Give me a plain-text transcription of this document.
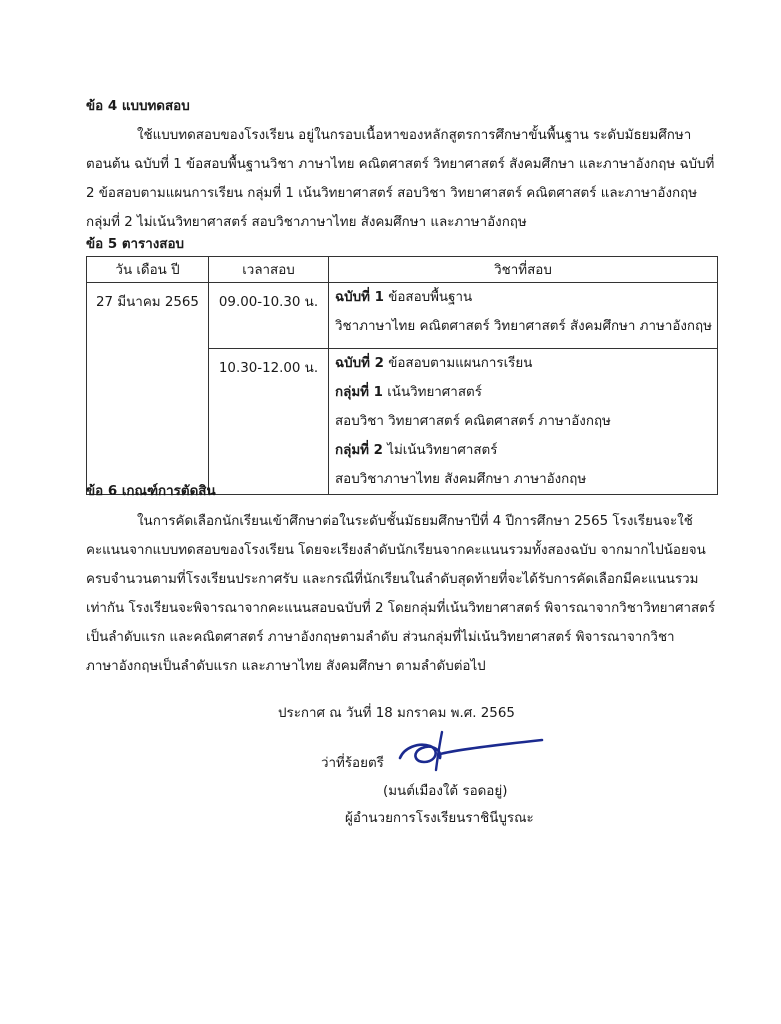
ข้อ 4 แบบทดสอบ
ใช้แบบทดสอบของโรงเรียน อยู่ในกรอบเนื้อหาของหลักสูตรการศึกษาขั้นพื้นฐาน ระดับมัธยมศึกษา
ตอนต้น ฉบับที่ 1 ข้อสอบพื้นฐานวิชา ภาษาไทย คณิตศาสตร์ วิทยาศาสตร์ สังคมศึกษา และภาษาอังกฤษ ฉบับที่
2 ข้อสอบตามแผนการเรียน กลุ่มที่ 1 เน้นวิทยาศาสตร์ สอบวิชา วิทยาศาสตร์ คณิตศาสตร์ และภาษาอังกฤษ
กลุ่มที่ 2 ไม่เน้นวิทยาศาสตร์ สอบวิชาภาษาไทย สังคมศึกษา และภาษาอังกฤษ
ข้อ 5 ตารางสอบ
วัน เดือน ปี	เวลาสอบ	วิชาที่สอบ
27 มีนาคม 2565	09.00-10.30 น.	ฉบับที่ 1 ข้อสอบพื้นฐาน
วิชาภาษาไทย คณิตศาสตร์ วิทยาศาสตร์ สังคมศึกษา ภาษาอังกฤษ

	10.30-12.00 น.	ฉบับที่ 2 ข้อสอบตามแผนการเรียน
กลุ่มที่ 1 เน้นวิทยาศาสตร์
สอบวิชา วิทยาศาสตร์ คณิตศาสตร์ ภาษาอังกฤษ
กลุ่มที่ 2 ไม่เน้นวิทยาศาสตร์
สอบวิชาภาษาไทย สังคมศึกษา ภาษาอังกฤษ
ข้อ 6 เกณฑ์การตัดสิน
ในการคัดเลือกนักเรียนเข้าศึกษาต่อในระดับชั้นมัธยมศึกษาปีที่ 4 ปีการศึกษา 2565 โรงเรียนจะใช้
คะแนนจากแบบทดสอบของโรงเรียน โดยจะเรียงลำดับนักเรียนจากคะแนนรวมทั้งสองฉบับ จากมากไปน้อยจน
ครบจำนวนตามที่โรงเรียนประกาศรับ และกรณีที่นักเรียนในลำดับสุดท้ายที่จะได้รับการคัดเลือกมีคะแนนรวม
เท่ากัน โรงเรียนจะพิจารณาจากคะแนนสอบฉบับที่ 2 โดยกลุ่มที่เน้นวิทยาศาสตร์ พิจารณาจากวิชาวิทยาศาสตร์
เป็นลำดับแรก และคณิตศาสตร์ ภาษาอังกฤษตามลำดับ ส่วนกลุ่มที่ไม่เน้นวิทยาศาสตร์ พิจารณาจากวิชา
ภาษาอังกฤษเป็นลำดับแรก และภาษาไทย สังคมศึกษา ตามลำดับต่อไป
ประกาศ ณ วันที่ 18 มกราคม พ.ศ. 2565
ว่าที่ร้อยตรี
(มนต์เมืองใต้ รอดอยู่)
ผู้อำนวยการโรงเรียนราชินีบูรณะ
